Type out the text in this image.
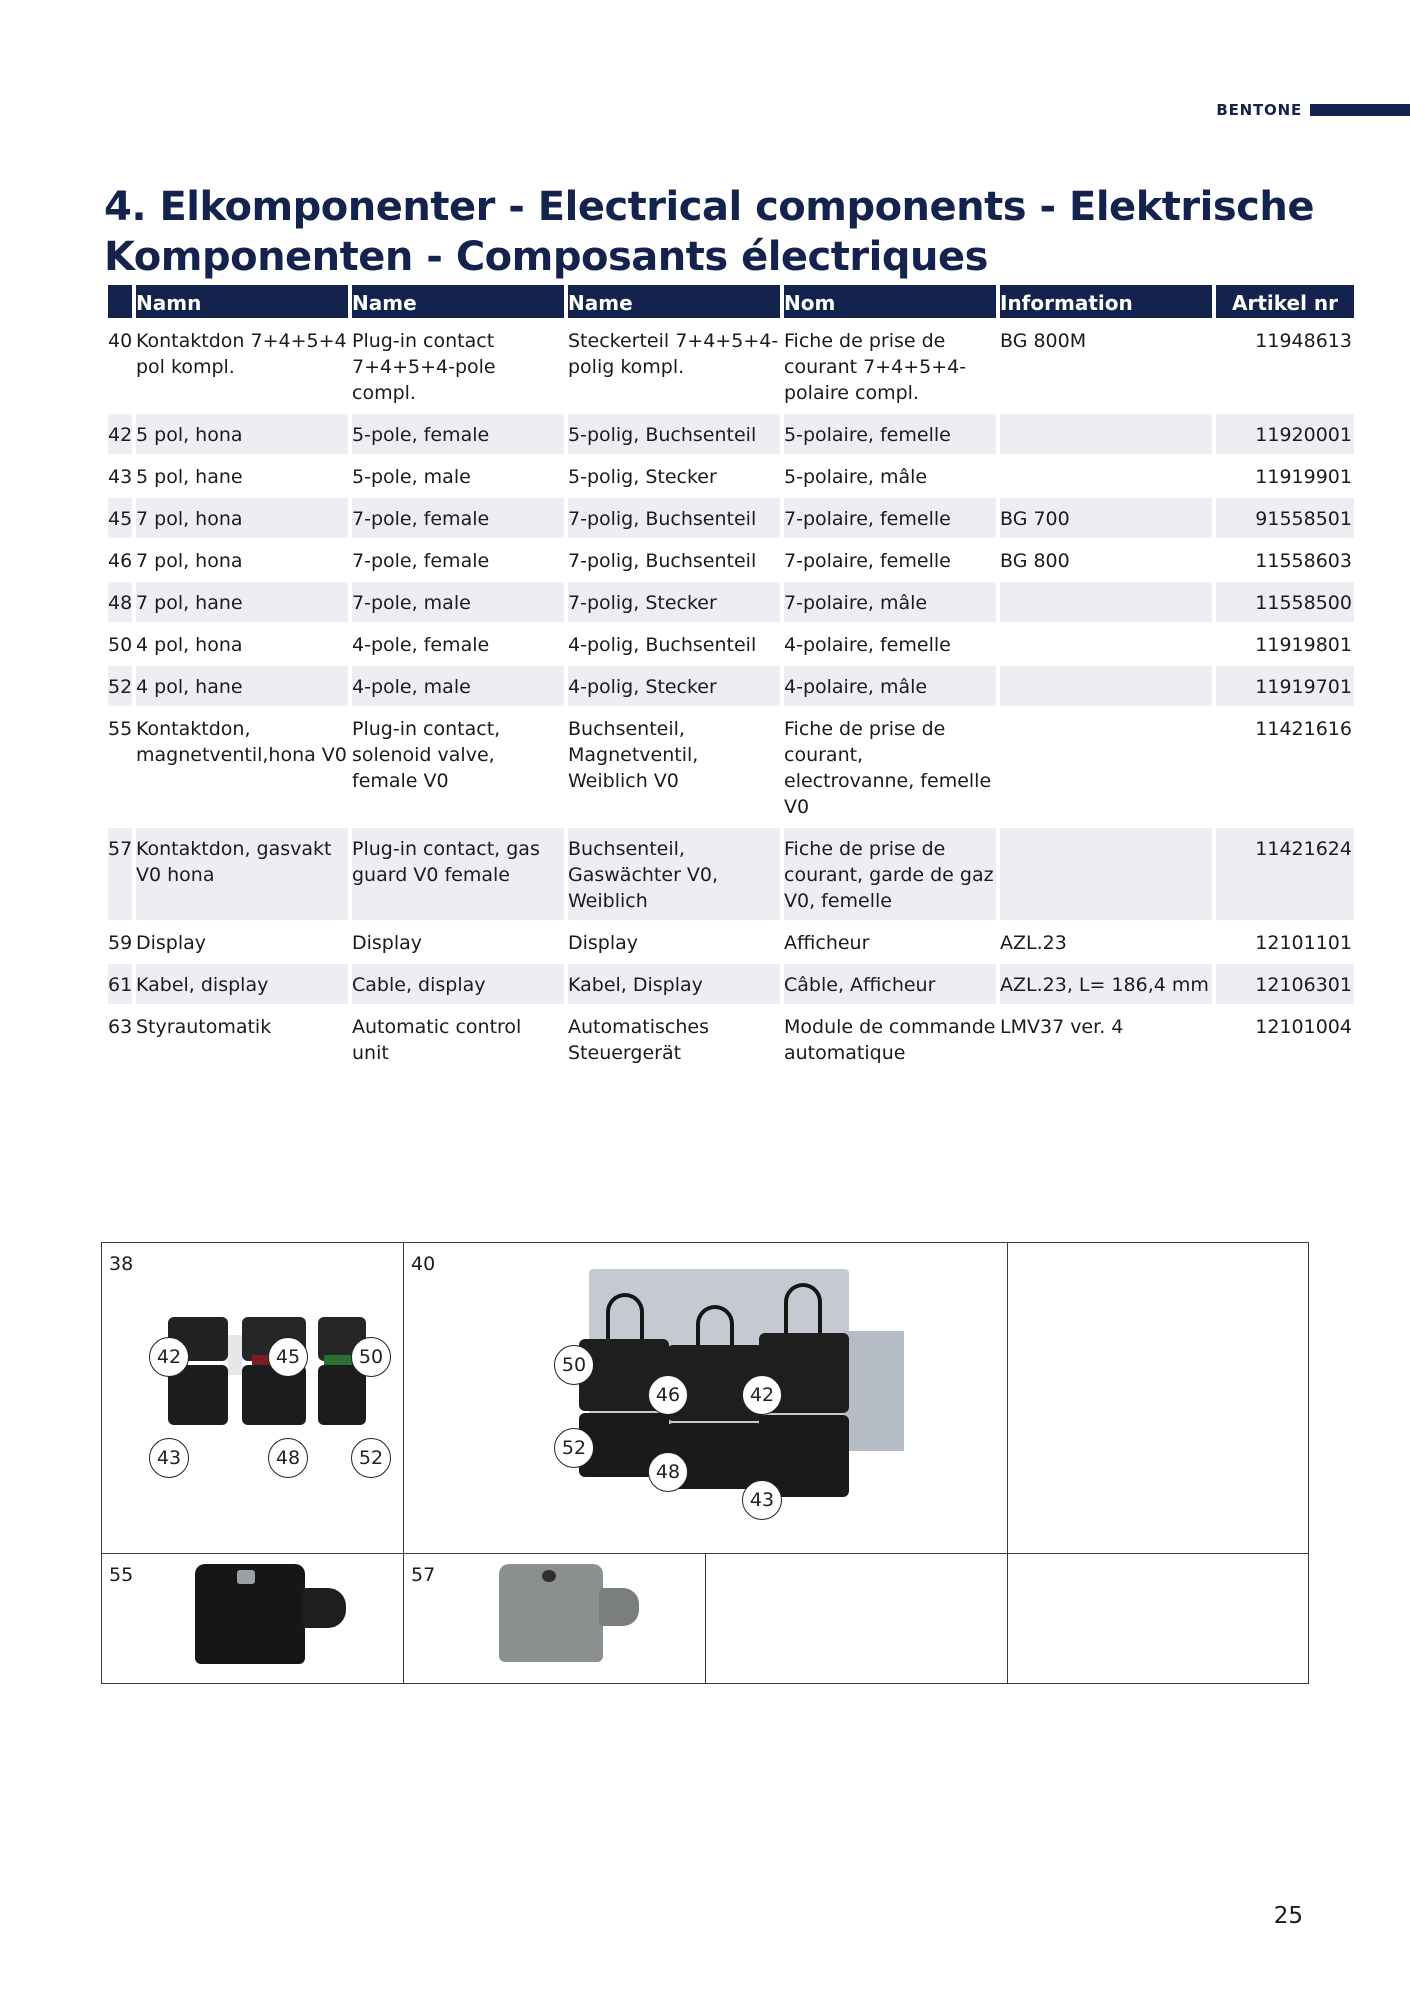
BENTONE
4. Elkomponenter - Electrical components - Elektrische Komponenten - Composants électriques
	Namn	Name	Name	Nom	Information	Artikel nr
40	Kontaktdon 7+4+5+4 pol kompl.	Plug-in contact 7+4+5+4-pole compl.	Steckerteil 7+4+5+4-polig kompl.	Fiche de prise de courant 7+4+5+4-polaire compl.	BG 800M	11948613
42	5 pol, hona	5-pole, female	5-polig, Buchsenteil	5-polaire, femelle		11920001
43	5 pol, hane	5-pole, male	5-polig, Stecker	5-polaire, mâle		11919901
45	7 pol, hona	7-pole, female	7-polig, Buchsenteil	7-polaire, femelle	BG 700	91558501
46	7 pol, hona	7-pole, female	7-polig, Buchsenteil	7-polaire, femelle	BG 800	11558603
48	7 pol, hane	7-pole, male	7-polig, Stecker	7-polaire, mâle		11558500
50	4 pol, hona	4-pole, female	4-polig, Buchsenteil	4-polaire, femelle		11919801
52	4 pol, hane	4-pole, male	4-polig, Stecker	4-polaire, mâle		11919701
55	Kontaktdon, magnetventil,hona V0	Plug-in contact, solenoid valve, female V0	Buchsenteil, Magnetventil, Weiblich V0	Fiche de prise de courant, electrovanne, femelle V0		11421616
57	Kontaktdon, gasvakt V0 hona	Plug-in contact, gas guard V0 female	Buchsenteil, Gaswächter V0, Weiblich	Fiche de prise de courant, garde de gaz V0, femelle		11421624
59	Display	Display	Display	Afficheur	AZL.23	12101101
61	Kabel, display	Cable, display	Kabel, Display	Câble, Afficheur	AZL.23, L= 186,4 mm	12106301
63	Styrautomatik	Automatic control unit	Automatisches Steuergerät	Module de commande automatique	LMV37 ver. 4	12101004
38
42	45	50
43	48	52
40
50
46	42
52
48
43
55	57
25
